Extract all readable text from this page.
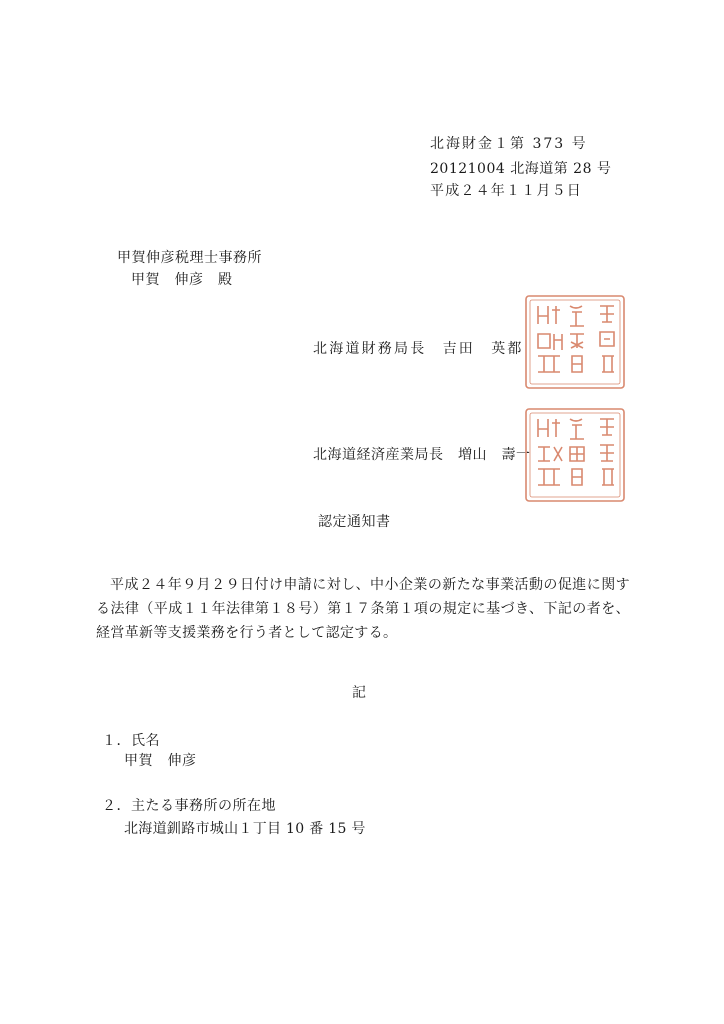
北海財金１第 373 号
20121004 北海道第 28 号
平成２４年１１月５日
甲賀伸彦税理士事務所
甲賀　伸彦　殿
北海道財務局長　吉田　英都
北海道経済産業局長　増山　壽一
認定通知書
平成２４年９月２９日付け申請に対し、中小企業の新たな事業活動の促進に関する法律（平成１１年法律第１８号）第１７条第１項の規定に基づき、下記の者を、経営革新等支援業務を行う者として認定する。
記
１．氏名
甲賀　伸彦
２．主たる事務所の所在地
北海道釧路市城山１丁目 10 番 15 号
